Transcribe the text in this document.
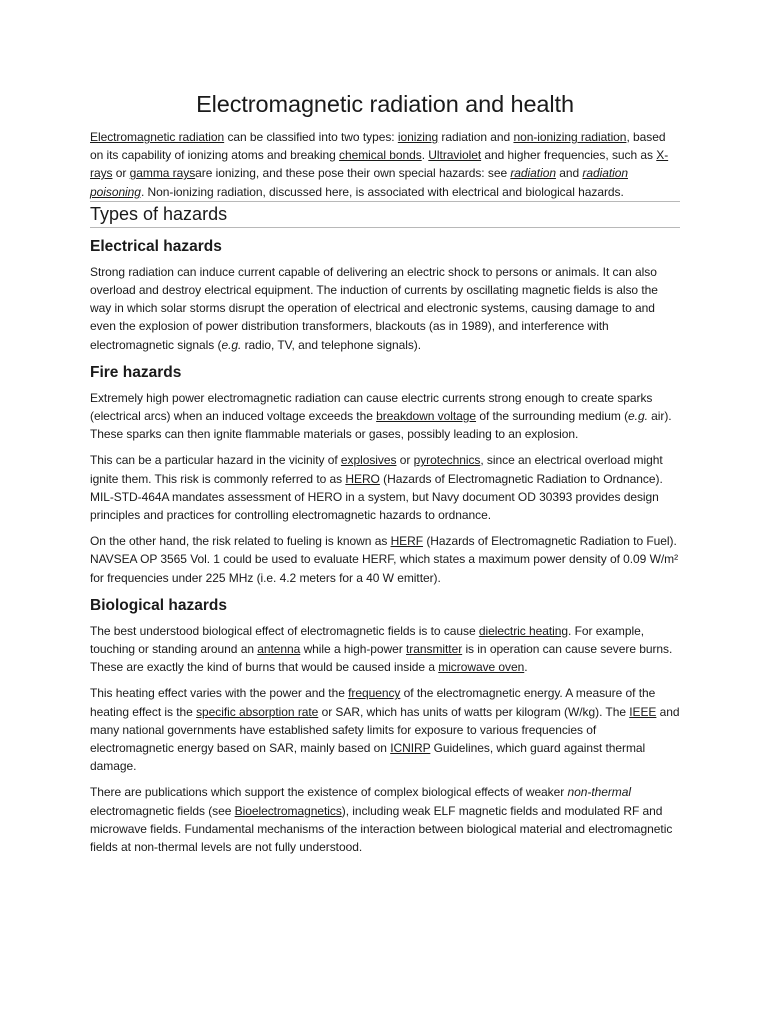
Electromagnetic radiation and health

Electromagnetic radiation can be classified into two types: ionizing radiation and non-ionizing radiation, based on its capability of ionizing atoms and breaking chemical bonds. Ultraviolet and higher frequencies, such as X-rays or gamma raysare ionizing, and these pose their own special hazards: see radiation and radiation poisoning. Non-ionizing radiation, discussed here, is associated with electrical and biological hazards.

Types of hazards
Electrical hazards

Strong radiation can induce current capable of delivering an electric shock to persons or animals. It can also overload and destroy electrical equipment. The induction of currents by oscillating magnetic fields is also the way in which solar storms disrupt the operation of electrical and electronic systems, causing damage to and even the explosion of power distribution transformers, blackouts (as in 1989), and interference with electromagnetic signals (e.g. radio, TV, and telephone signals).

Fire hazards

Extremely high power electromagnetic radiation can cause electric currents strong enough to create sparks (electrical arcs) when an induced voltage exceeds the breakdown voltage of the surrounding medium (e.g. air). These sparks can then ignite flammable materials or gases, possibly leading to an explosion.

This can be a particular hazard in the vicinity of explosives or pyrotechnics, since an electrical overload might ignite them. This risk is commonly referred to as HERO (Hazards of Electromagnetic Radiation to Ordnance). MIL-STD-464A mandates assessment of HERO in a system, but Navy document OD 30393 provides design principles and practices for controlling electromagnetic hazards to ordnance.

On the other hand, the risk related to fueling is known as HERF (Hazards of Electromagnetic Radiation to Fuel). NAVSEA OP 3565 Vol. 1 could be used to evaluate HERF, which states a maximum power density of 0.09 W/m² for frequencies under 225 MHz (i.e. 4.2 meters for a 40 W emitter).

Biological hazards

The best understood biological effect of electromagnetic fields is to cause dielectric heating. For example, touching or standing around an antenna while a high-power transmitter is in operation can cause severe burns. These are exactly the kind of burns that would be caused inside a microwave oven.

This heating effect varies with the power and the frequency of the electromagnetic energy. A measure of the heating effect is the specific absorption rate or SAR, which has units of watts per kilogram (W/kg). The IEEE and many national governments have established safety limits for exposure to various frequencies of electromagnetic energy based on SAR, mainly based on ICNIRP Guidelines, which guard against thermal damage.

There are publications which support the existence of complex biological effects of weaker non-thermal electromagnetic fields (see Bioelectromagnetics), including weak ELF magnetic fields and modulated RF and microwave fields. Fundamental mechanisms of the interaction between biological material and electromagnetic fields at non-thermal levels are not fully understood.
